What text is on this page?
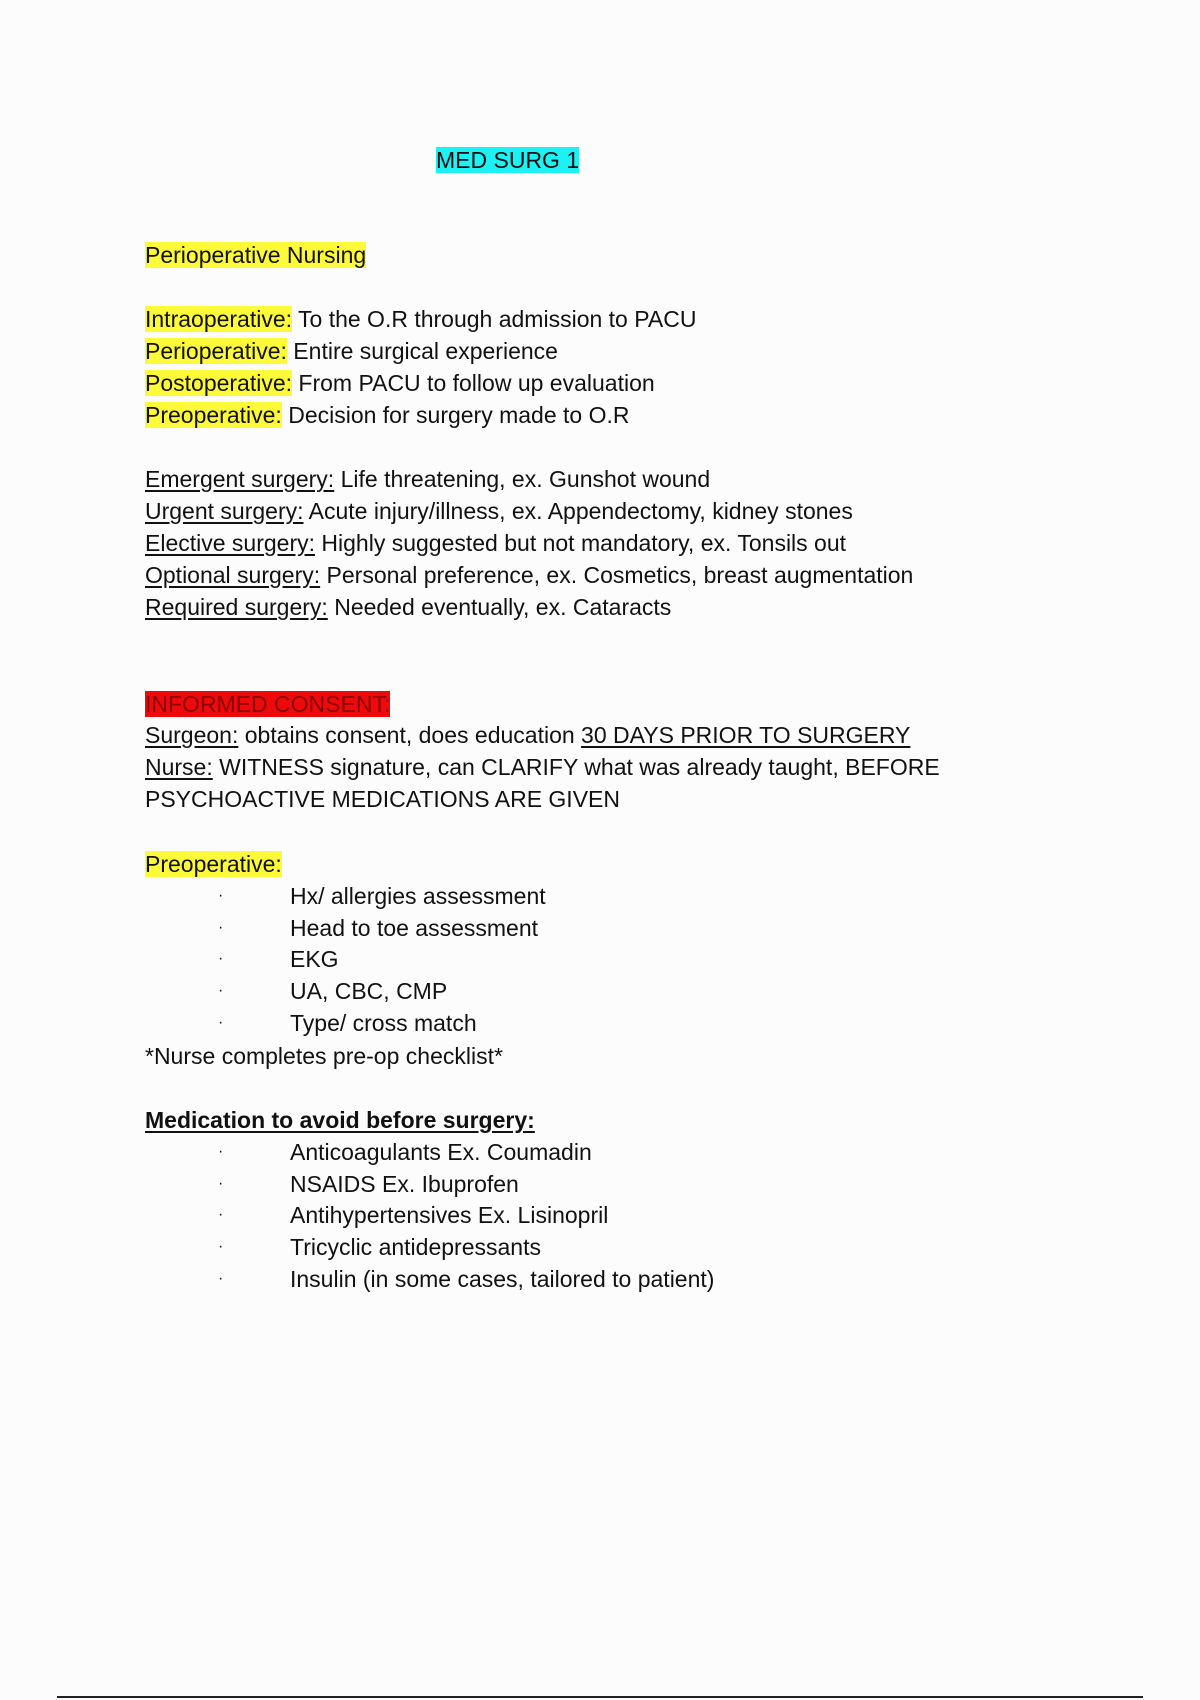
MED SURG 1
Perioperative Nursing
Intraoperative: To the O.R through admission to PACU
Perioperative: Entire surgical experience
Postoperative: From PACU to follow up evaluation
Preoperative: Decision for surgery made to O.R
Emergent surgery: Life threatening, ex. Gunshot wound
Urgent surgery: Acute injury/illness, ex. Appendectomy, kidney stones
Elective surgery: Highly suggested but not mandatory, ex. Tonsils out
Optional surgery: Personal preference, ex. Cosmetics, breast augmentation
Required surgery: Needed eventually, ex. Cataracts
INFORMED CONSENT:
Surgeon: obtains consent, does education 30 DAYS PRIOR TO SURGERY
Nurse: WITNESS signature, can CLARIFY what was already taught, BEFORE
PSYCHOACTIVE MEDICATIONS ARE GIVEN
Preoperative:
·	Hx/ allergies assessment
·	Head to toe assessment
·	EKG
·	UA, CBC, CMP
·	Type/ cross match
*Nurse completes pre-op checklist*
Medication to avoid before surgery:
·	Anticoagulants Ex. Coumadin
·	NSAIDS Ex. Ibuprofen
·	Antihypertensives Ex. Lisinopril
·	Tricyclic antidepressants
·	Insulin (in some cases, tailored to patient)
